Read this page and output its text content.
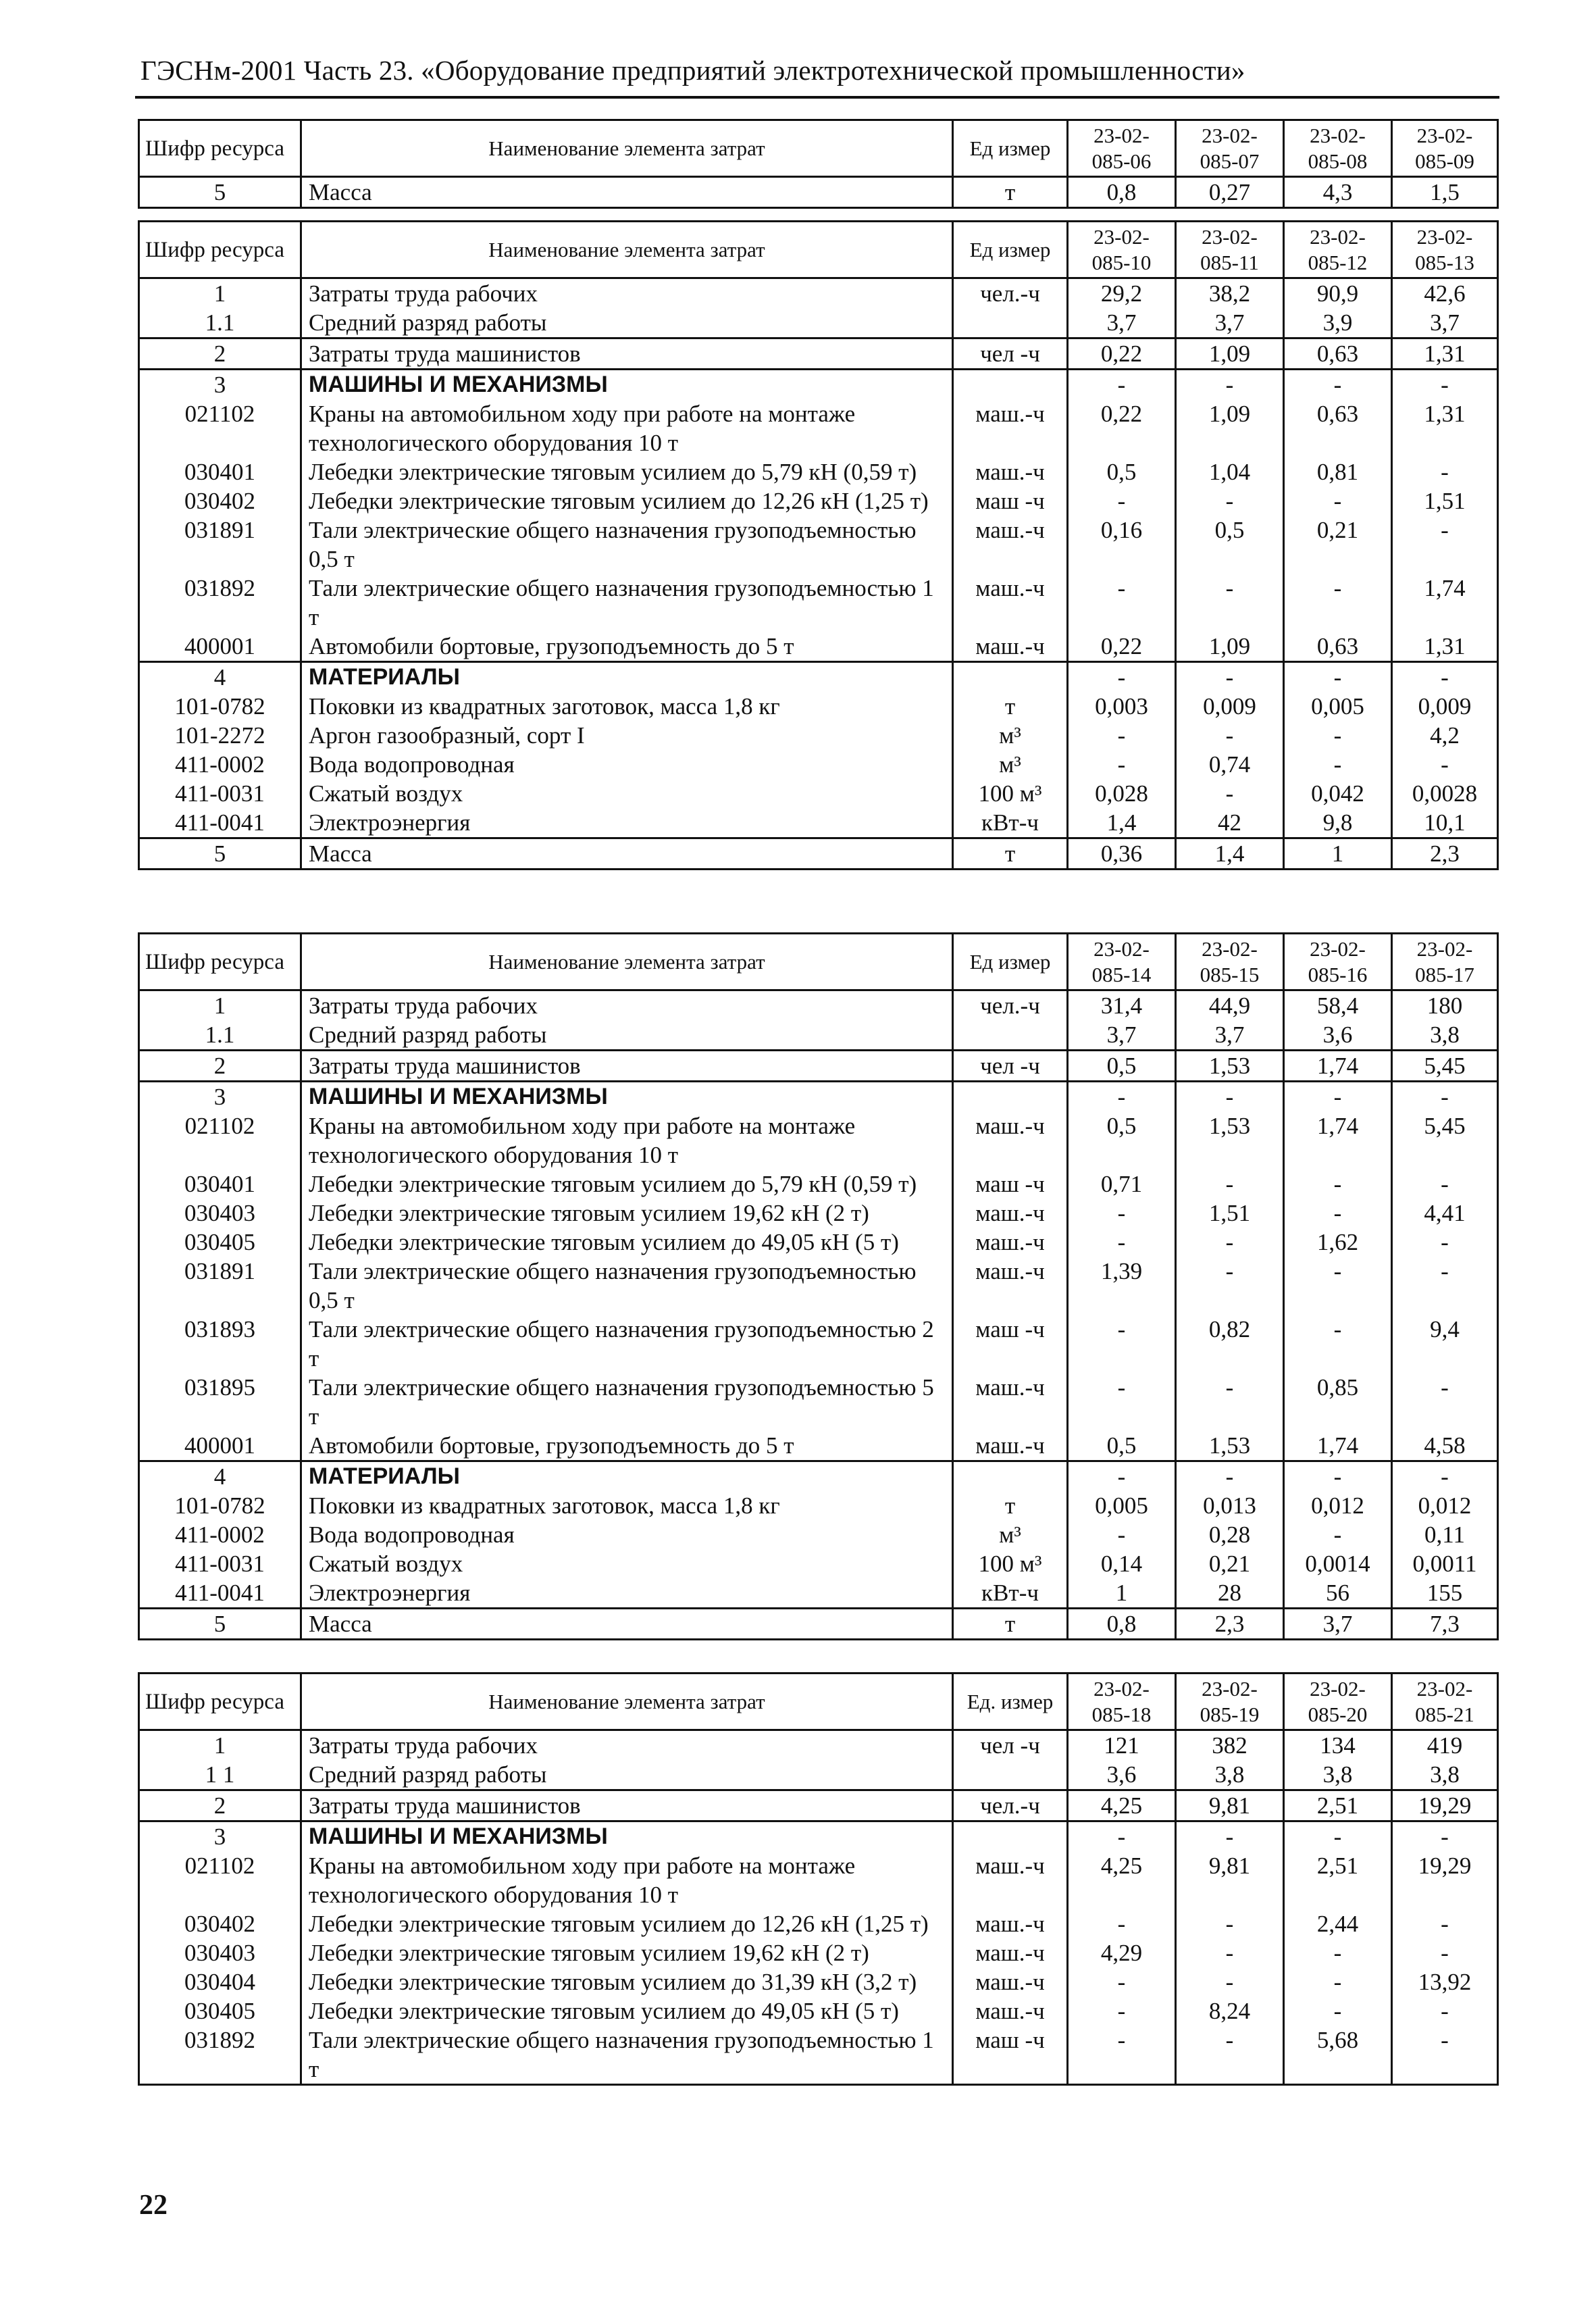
ГЭСНм-2001 Часть 23. «Оборудование предприятий электротехнической промышленности»
Шифр ресурса	Наименование элемента затрат	Ед измер	23-02-085-06	23-02-085-07	23-02-085-08	23-02-085-09
5	Масса	т	0,8	0,27	4,3	1,5
Шифр ресурса	Наименование элемента затрат	Ед измер	23-02-085-10	23-02-085-11	23-02-085-12	23-02-085-13
1	Затраты труда рабочих	чел.-ч	29,2	38,2	90,9	42,6
1.1	Средний разряд работы		3,7	3,7	3,9	3,7
2	Затраты труда машинистов	чел -ч	0,22	1,09	0,63	1,31
3	МАШИНЫ И МЕХАНИЗМЫ		-	-	-	-
021102	Краны на автомобильном ходу при работе на монтаже технологического оборудования 10 т	маш.-ч	0,22	1,09	0,63	1,31
030401	Лебедки электрические тяговым усилием до 5,79 кН (0,59 т)	маш.-ч	0,5	1,04	0,81	-
030402	Лебедки электрические тяговым усилием до 12,26 кН (1,25 т)	маш -ч	-	-	-	1,51
031891	Тали электрические общего назначения грузоподъемностью 0,5 т	маш.-ч	0,16	0,5	0,21	-
031892	Тали электрические общего назначения грузоподъемностью 1 т	маш.-ч	-	-	-	1,74
400001	Автомобили бортовые, грузоподъемность до 5 т	маш.-ч	0,22	1,09	0,63	1,31
4	МАТЕРИАЛЫ		-	-	-	-
101-0782	Поковки из квадратных заготовок, масса 1,8 кг	т	0,003	0,009	0,005	0,009
101-2272	Аргон газообразный, сорт I	м³	-	-	-	4,2
411-0002	Вода водопроводная	м³	-	0,74	-	-
411-0031	Сжатый воздух	100 м³	0,028	-	0,042	0,0028
411-0041	Электроэнергия	кВт-ч	1,4	42	9,8	10,1
5	Масса	т	0,36	1,4	1	2,3
Шифр ресурса	Наименование элемента затрат	Ед измер	23-02-085-14	23-02-085-15	23-02-085-16	23-02-085-17
1	Затраты труда рабочих	чел.-ч	31,4	44,9	58,4	180
1.1	Средний разряд работы		3,7	3,7	3,6	3,8
2	Затраты труда машинистов	чел -ч	0,5	1,53	1,74	5,45
3	МАШИНЫ И МЕХАНИЗМЫ		-	-	-	-
021102	Краны на автомобильном ходу при работе на монтаже технологического оборудования 10 т	маш.-ч	0,5	1,53	1,74	5,45
030401	Лебедки электрические тяговым усилием до 5,79 кН (0,59 т)	маш -ч	0,71	-	-	-
030403	Лебедки электрические тяговым усилием 19,62 кН (2 т)	маш.-ч	-	1,51	-	4,41
030405	Лебедки электрические тяговым усилием до 49,05 кН (5 т)	маш.-ч	-	-	1,62	-
031891	Тали электрические общего назначения грузоподъемностью 0,5 т	маш.-ч	1,39	-	-	-
031893	Тали электрические общего назначения грузоподъемностью 2 т	маш -ч	-	0,82	-	9,4
031895	Тали электрические общего назначения грузоподъемностью 5 т	маш.-ч	-	-	0,85	-
400001	Автомобили бортовые, грузоподъемность до 5 т	маш.-ч	0,5	1,53	1,74	4,58
4	МАТЕРИАЛЫ		-	-	-	-
101-0782	Поковки из квадратных заготовок, масса 1,8 кг	т	0,005	0,013	0,012	0,012
411-0002	Вода водопроводная	м³	-	0,28	-	0,11
411-0031	Сжатый воздух	100 м³	0,14	0,21	0,0014	0,0011
411-0041	Электроэнергия	кВт-ч	1	28	56	155
5	Масса	т	0,8	2,3	3,7	7,3
Шифр ресурса	Наименование элемента затрат	Ед. измер	23-02-085-18	23-02-085-19	23-02-085-20	23-02-085-21
1	Затраты труда рабочих	чел -ч	121	382	134	419
1 1	Средний разряд работы		3,6	3,8	3,8	3,8
2	Затраты труда машинистов	чел.-ч	4,25	9,81	2,51	19,29
3	МАШИНЫ И МЕХАНИЗМЫ		-	-	-	-
021102	Краны на автомобильном ходу при работе на монтаже технологического оборудования 10 т	маш.-ч	4,25	9,81	2,51	19,29
030402	Лебедки электрические тяговым усилием до 12,26 кН (1,25 т)	маш.-ч	-	-	2,44	-
030403	Лебедки электрические тяговым усилием 19,62 кН (2 т)	маш.-ч	4,29	-	-	-
030404	Лебедки электрические тяговым усилием до 31,39 кН (3,2 т)	маш.-ч	-	-	-	13,92
030405	Лебедки электрические тяговым усилием до 49,05 кН (5 т)	маш.-ч	-	8,24	-	-
031892	Тали электрические общего назначения грузоподъемностью 1 т	маш -ч	-	-	5,68	-
22
